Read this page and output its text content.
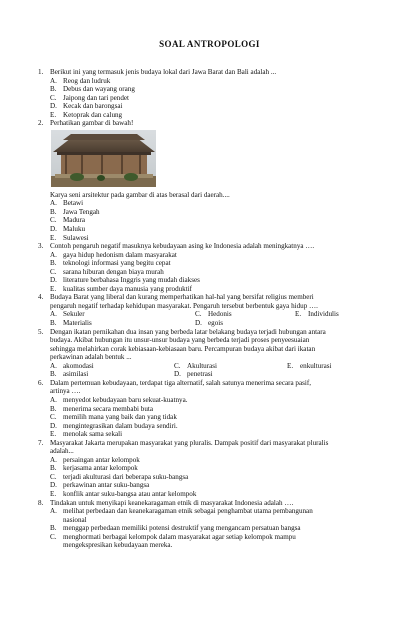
SOAL ANTROPOLOGI
1. Berikut ini yang termasuk jenis budaya lokal dari Jawa Barat dan Bali adalah ...
A. Reog dan ludruk
B. Debus dan wayang orang
C. Jaipong dan tari pendet
D. Kecak dan barongsai
E. Ketoprak dan calung
2. Perhatikan gambar di bawah!
Karya seni arsitektur pada gambar di atas berasal dari daerah....
A. Betawi
B. Jawa Tengah
C. Madura
D. Maluku
E. Sulawesi
3. Contoh pengaruh negatif masuknya kebudayaan asing ke Indonesia adalah meningkatnya ….
A. gaya hidup hedonism dalam masyarakat
B. teknologi informasi yang begitu cepat
C. sarana hiburan dengan biaya murah
D. literature berbahasa Inggris yang mudah diakses
E. kualitas sumber daya manusia yang produktif
4. Budaya Barat yang liberal dan kurang memperhatikan hal-hal yang bersifat religius memberi
pengaruh negatif terhadap kehidupan masyarakat. Pengaruh tersebut berbentuk gaya hidup ….
A. Sekuler	C. Hedonis	E. Individulis
B. Materialis	D. egois
5. Dengan ikatan pernikahan dua insan yang berbeda latar belakang budaya terjadi hubungan antara
budaya. Akibat hubungan itu unsur-unsur budaya yang berbeda terjadi proses penyeesuaian
sehingga melahirkan corak kebiasaan-kebiasaan baru. Percampuran budaya akibat dari ikatan
perkawinan adalah bentuk ...
A. akomodasi	C. Akulturasi	E. enkulturasi
B. asimilasi	D. penetrasi
6. Dalam pertemuan kebudayaan, terdapat tiga alternatif, salah satunya menerima secara pasif,
artinya ….
A. menyedot kebudayaan baru sekuat-kuatnya.
B. menerima secara membabi buta
C. memilih mana yang baik dan yang tidak
D. mengintegrasikan dalam budaya sendiri.
E. menolak sama sekali
7. Masyarakat Jakarta merupakan masyarakat yang pluralis. Dampak positif dari masyarakat pluralis
adalah...
A. persaingan antar kelompok
B. kerjasama antar kelompok
C. terjadi akulturasi dari beberapa suku-bangsa
D. perkawinan antar suku-bangsa
E. konflik antar suku-bangsa atau antar kelompok
8. Tindakan untuk menyikapi keanekaragaman etnik di masyarakat Indonesia adalah ….
A. melihat perbedaan dan keanekaragaman etnik sebagai penghambat utama pembangunan
nasional
B. menggap perbedaan memiliki potensi destruktif yang mengancam persatuan bangsa
C. menghormati berbagai kelompok dalam masyarakat agar setiap kelompok mampu
mengekspresikan kebudayaan mereka.
